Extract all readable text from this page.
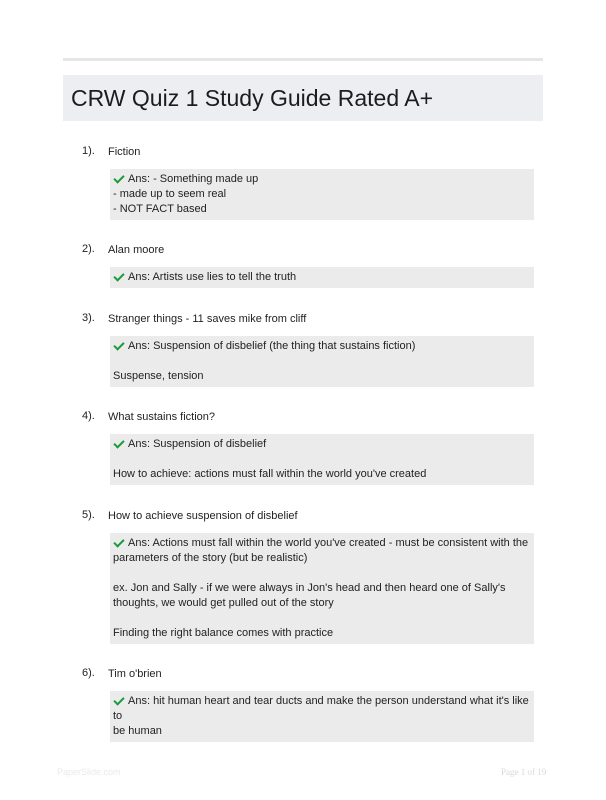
CRW Quiz 1 Study Guide Rated A+
1). Fiction
Ans: - Something made up
- made up to seem real
- NOT FACT based
2). Alan moore
Ans: Artists use lies to tell the truth
3). Stranger things - 11 saves mike from cliff
Ans: Suspension of disbelief (the thing that sustains fiction)
Suspense, tension
4). What sustains fiction?
Ans: Suspension of disbelief
How to achieve: actions must fall within the world you've created
5). How to achieve suspension of disbelief
Ans: Actions must fall within the world you've created - must be consistent with the
parameters of the story (but be realistic)
ex. Jon and Sally - if we were always in Jon's head and then heard one of Sally's
thoughts, we would get pulled out of the story
Finding the right balance comes with practice
6). Tim o'brien
Ans: hit human heart and tear ducts and make the person understand what it's like to
be human
PaperSlide.com	Page 1 of 19
